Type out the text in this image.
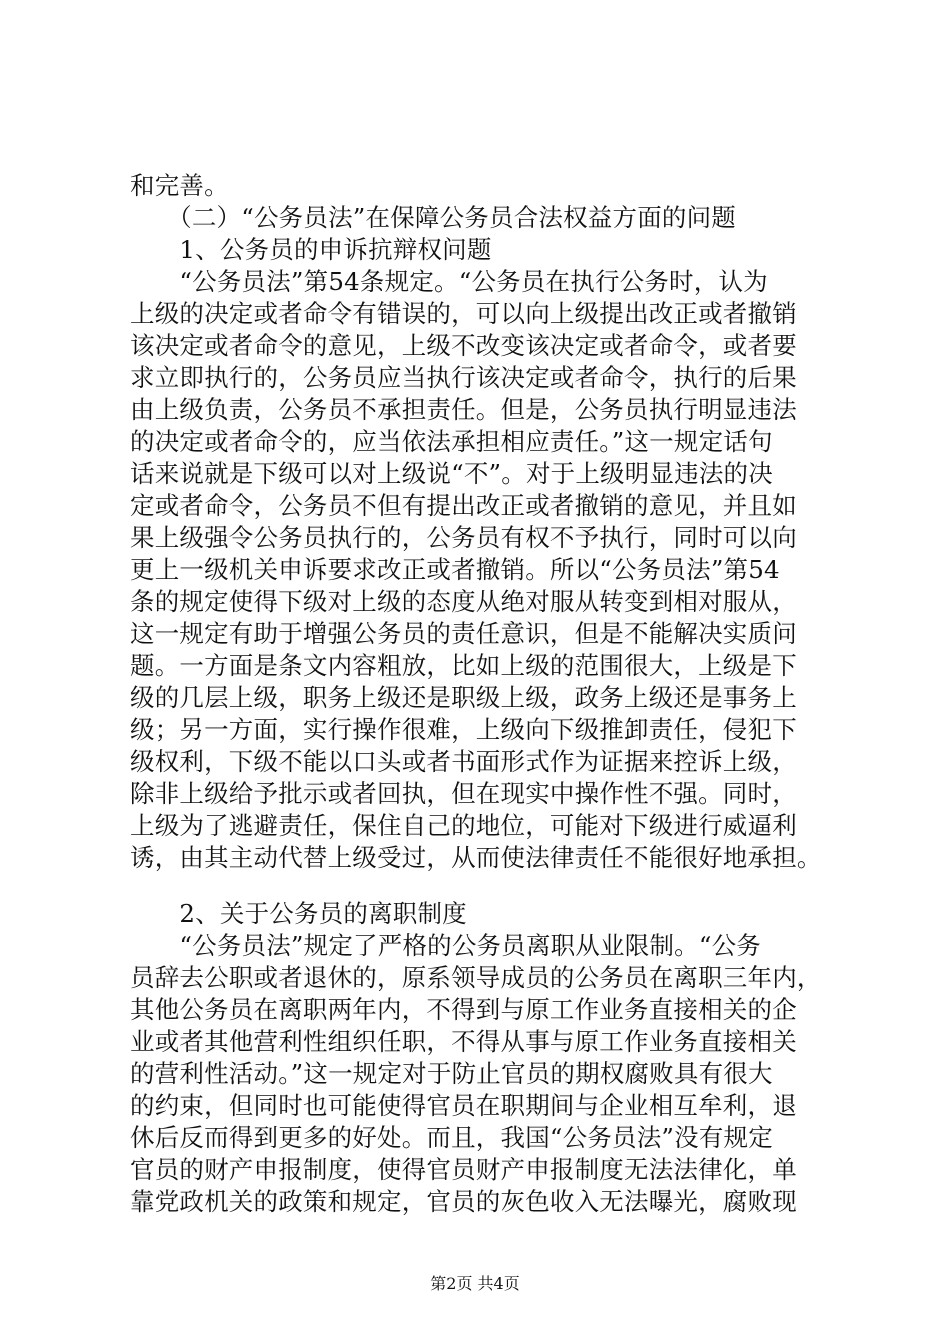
和完善。
　　（二）“公务员法”在保障公务员合法权益方面的问题
　　1、公务员的申诉抗辩权问题
　　“公务员法”第54条规定。“公务员在执行公务时，认为
上级的决定或者命令有错误的，可以向上级提出改正或者撤销
该决定或者命令的意见，上级不改变该决定或者命令，或者要
求立即执行的，公务员应当执行该决定或者命令，执行的后果
由上级负责，公务员不承担责任。但是，公务员执行明显违法
的决定或者命令的，应当依法承担相应责任。”这一规定话句
话来说就是下级可以对上级说“不”。对于上级明显违法的决
定或者命令，公务员不但有提出改正或者撤销的意见，并且如
果上级强令公务员执行的，公务员有权不予执行，同时可以向
更上一级机关申诉要求改正或者撤销。所以“公务员法”第54
条的规定使得下级对上级的态度从绝对服从转变到相对服从，
这一规定有助于增强公务员的责任意识，但是不能解决实质问
题。一方面是条文内容粗放，比如上级的范围很大，上级是下
级的几层上级，职务上级还是职级上级，政务上级还是事务上
级；另一方面，实行操作很难，上级向下级推卸责任，侵犯下
级权利，下级不能以口头或者书面形式作为证据来控诉上级，
除非上级给予批示或者回执，但在现实中操作性不强。同时，
上级为了逃避责任，保住自己的地位，可能对下级进行威逼利
诱，由其主动代替上级受过，从而使法律责任不能很好地承担。
　　2、关于公务员的离职制度
　　“公务员法”规定了严格的公务员离职从业限制。“公务
员辞去公职或者退休的，原系领导成员的公务员在离职三年内，
其他公务员在离职两年内，不得到与原工作业务直接相关的企
业或者其他营利性组织任职，不得从事与原工作业务直接相关
的营利性活动。”这一规定对于防止官员的期权腐败具有很大
的约束，但同时也可能使得官员在职期间与企业相互牟利，退
休后反而得到更多的好处。而且，我国“公务员法”没有规定
官员的财产申报制度，使得官员财产申报制度无法法律化，单
靠党政机关的政策和规定，官员的灰色收入无法曝光，腐败现
第2页 共4页
